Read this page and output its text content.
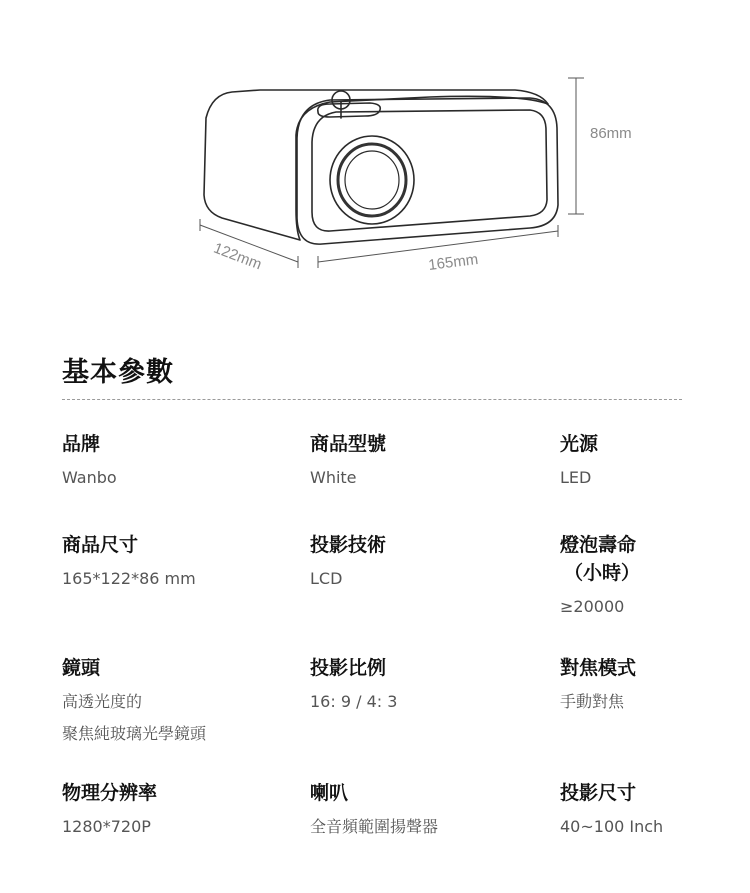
86mm
165mm
122mm
基本參數
品牌
Wanbo
商品型號
White
光源
LED
商品尺寸
165*122*86 mm
投影技術
LCD
燈泡壽命
（小時）
≥20000
鏡頭
高透光度的
聚焦純玻璃光學鏡頭
投影比例
16: 9 / 4: 3
對焦模式
手動對焦
物理分辨率
1280*720P
喇叭
全音頻範圍揚聲器
投影尺寸
40~100 Inch
